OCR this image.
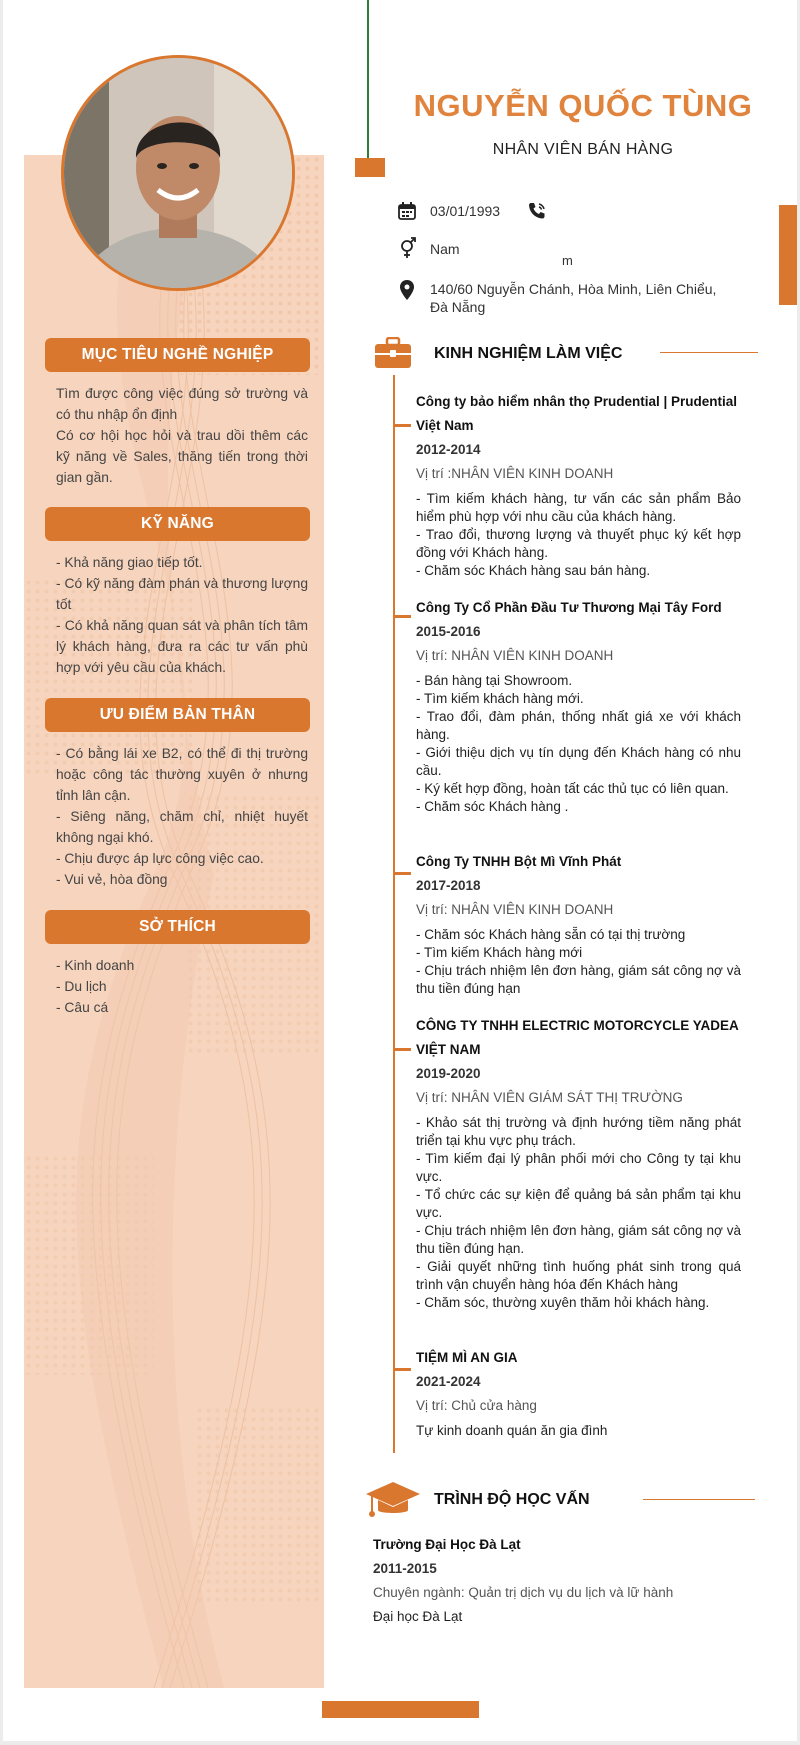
NGUYỄN QUỐC TÙNG
NHÂN VIÊN BÁN HÀNG
03/01/1993
Nam
m
140/60 Nguyễn Chánh, Hòa Minh, Liên Chiểu,
Đà Nẵng
MỤC TIÊU NGHỀ NGHIỆP
Tìm được công việc đúng sở trường và có thu nhập ổn định
Có cơ hội học hỏi và trau dồi thêm các kỹ năng về Sales, thăng tiến trong thời gian gần.
KỸ NĂNG
- Khả năng giao tiếp tốt.
- Có kỹ năng đàm phán và thương lượng tốt
- Có khả năng quan sát và phân tích tâm lý khách hàng, đưa ra các tư vấn phù hợp với yêu cầu của khách.
ƯU ĐIỂM BẢN THÂN
- Có bằng lái xe B2, có thể đi thị trường hoặc công tác thường xuyên ở nhưng tỉnh lân cận.
- Siêng năng, chăm chỉ, nhiệt huyết không ngại khó.
- Chịu được áp lực công việc cao.
- Vui vẻ, hòa đồng
SỞ THÍCH
- Kinh doanh
- Du lịch
- Câu cá
KINH NGHIỆM LÀM VIỆC
Công ty bảo hiểm nhân thọ Prudential | Prudential Việt Nam
2012-2014
Vị trí :NHÂN VIÊN KINH DOANH
- Tìm kiếm khách hàng, tư vấn các sản phẩm Bảo hiểm phù hợp với nhu cầu của khách hàng.
- Trao đổi, thương lượng và thuyết phục ký kết hợp đồng với Khách hàng.
- Chăm sóc Khách hàng sau bán hàng.
Công Ty Cổ Phần Đầu Tư Thương Mại Tây Ford
2015-2016
Vị trí: NHÂN VIÊN KINH DOANH
- Bán hàng tại Showroom.
- Tìm kiếm khách hàng mới.
- Trao đổi, đàm phán, thống nhất giá xe với khách hàng.
- Giới thiệu dịch vụ tín dụng đến Khách hàng có nhu cầu.
- Ký kết hợp đồng, hoàn tất các thủ tục có liên quan.
- Chăm sóc Khách hàng .
Công Ty TNHH Bột Mì Vĩnh Phát
2017-2018
Vị trí: NHÂN VIÊN KINH DOANH
- Chăm sóc Khách hàng sẵn có tại thị trường
- Tìm kiếm Khách hàng mới
- Chịu trách nhiệm lên đơn hàng, giám sát công nợ và thu tiền đúng hạn
CÔNG TY TNHH ELECTRIC MOTORCYCLE YADEA VIỆT NAM
2019-2020
Vị trí: NHÂN VIÊN GIÁM SÁT THỊ TRƯỜNG
- Khảo sát thị trường và định hướng tiềm năng phát triển tại khu vực phụ trách.
- Tìm kiếm đại lý phân phối mới cho Công ty tại khu vực.
- Tổ chức các sự kiện để quảng bá sản phẩm tại khu vực.
- Chịu trách nhiệm lên đơn hàng, giám sát công nợ và thu tiền đúng hạn.
- Giải quyết những tình huống phát sinh trong quá trình vận chuyển hàng hóa đến Khách hàng
- Chăm sóc, thường xuyên thăm hỏi khách hàng.
TIỆM MÌ AN GIA
2021-2024
Vị trí: Chủ cửa hàng
Tự kinh doanh quán ăn gia đình
TRÌNH ĐỘ HỌC VẤN
Trường Đại Học Đà Lạt
2011-2015
Chuyên ngành: Quản trị dịch vụ du lịch và lữ hành
Đại học Đà Lạt
